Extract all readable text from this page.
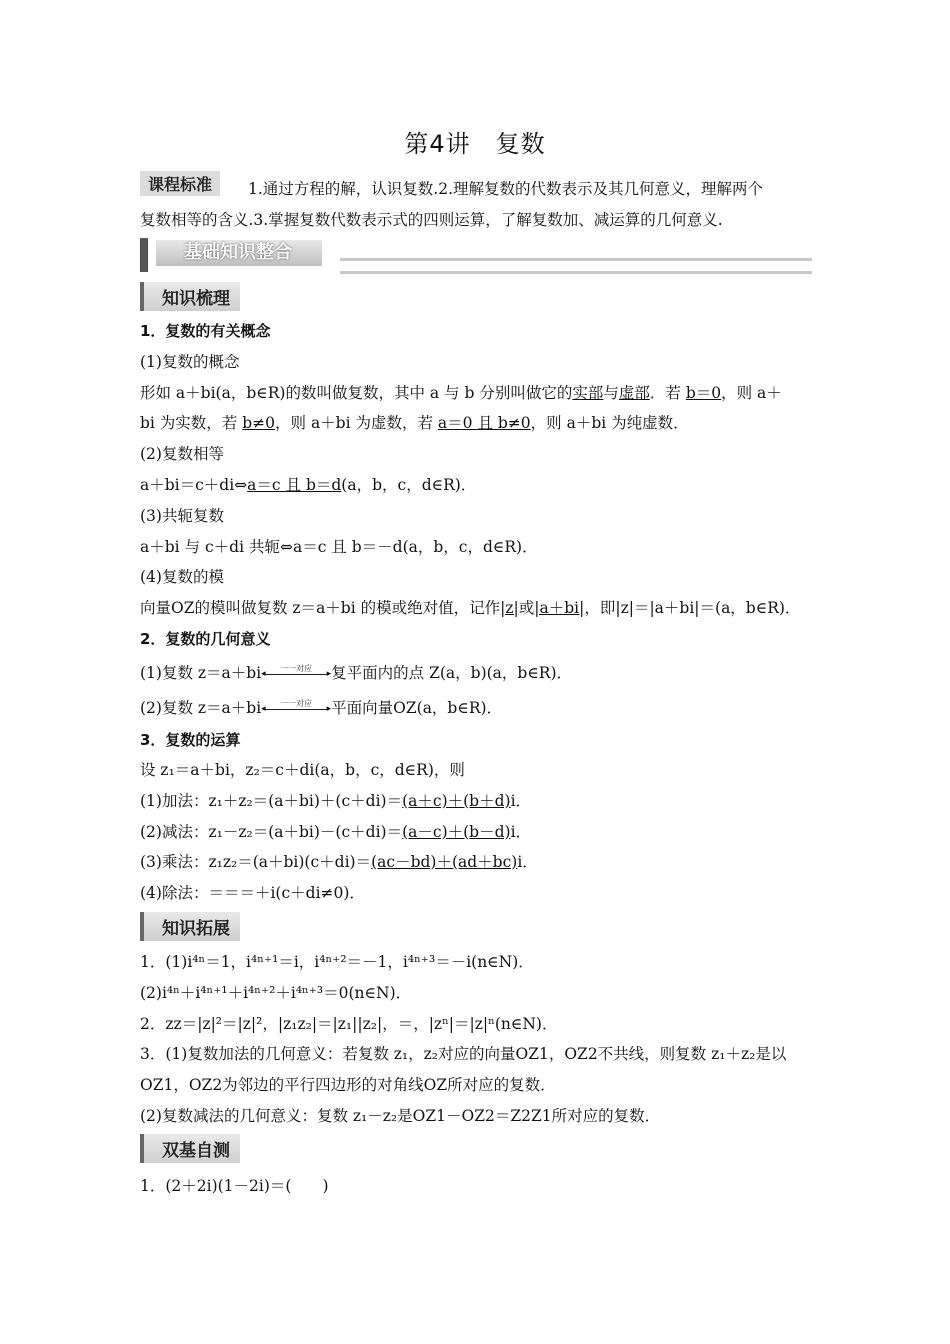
第4讲　复数
课程标准	1.通过方程的解，认识复数.2.理解复数的代数表示及其几何意义，理解两个
复数相等的含义.3.掌握复数代数表示式的四则运算，了解复数加、减运算的几何意义.
基础知识整合
知识梳理
1．复数的有关概念
(1)复数的概念
形如 a＋bi(a，b∈R)的数叫做复数，其中 a 与 b 分别叫做它的实部与虚部．若 b＝0，则 a＋
bi 为实数，若 b≠0，则 a＋bi 为虚数，若 a＝0 且 b≠0，则 a＋bi 为纯虚数．
(2)复数相等
a＋bi＝c＋di⇔a＝c 且 b＝d(a，b，c，d∈R)．
(3)共轭复数
a＋bi 与 c＋di 共轭⇔a＝c 且 b＝－d(a，b，c，d∈R)．
(4)复数的模
向量OZ的模叫做复数 z＝a＋bi 的模或绝对值，记作|z|或|a＋bi|，即|z|＝|a＋bi|＝(a，b∈R)．
2．复数的几何意义
(1)复数 z＝a＋bi	一一对应
◂	▸ 复平面内的点 Z(a，b)(a，b∈R)．
(2)复数 z＝a＋bi	一一对应
◂	▸ 平面向量OZ(a，b∈R)．
3．复数的运算
设 z₁＝a＋bi，z₂＝c＋di(a，b，c，d∈R)，则
(1)加法：z₁＋z₂＝(a＋bi)＋(c＋di)＝(a＋c)＋(b＋d)i．
(2)减法：z₁－z₂＝(a＋bi)－(c＋di)＝(a－c)＋(b－d)i．
(3)乘法：z₁z₂＝(a＋bi)(c＋di)＝(ac－bd)＋(ad＋bc)i．
(4)除法：＝＝＝＋i(c＋di≠0)．
知识拓展
1．(1)i⁴ⁿ＝1，i⁴ⁿ⁺¹＝i，i⁴ⁿ⁺²＝－1，i⁴ⁿ⁺³＝－i(n∈N)．
(2)i⁴ⁿ＋i⁴ⁿ⁺¹＋i⁴ⁿ⁺²＋i⁴ⁿ⁺³＝0(n∈N)．
2．zz＝|z|²＝|z|²，|z₁z₂|＝|z₁||z₂|，＝，|zⁿ|＝|z|ⁿ(n∈N)．
3．(1)复数加法的几何意义：若复数 z₁，z₂对应的向量OZ1，OZ2不共线，则复数 z₁＋z₂是以
OZ1，OZ2为邻边的平行四边形的对角线OZ所对应的复数．
(2)复数减法的几何意义：复数 z₁－z₂是OZ1－OZ2＝Z2Z1所对应的复数．
双基自测
1．(2＋2i)(1－2i)＝(　　)
